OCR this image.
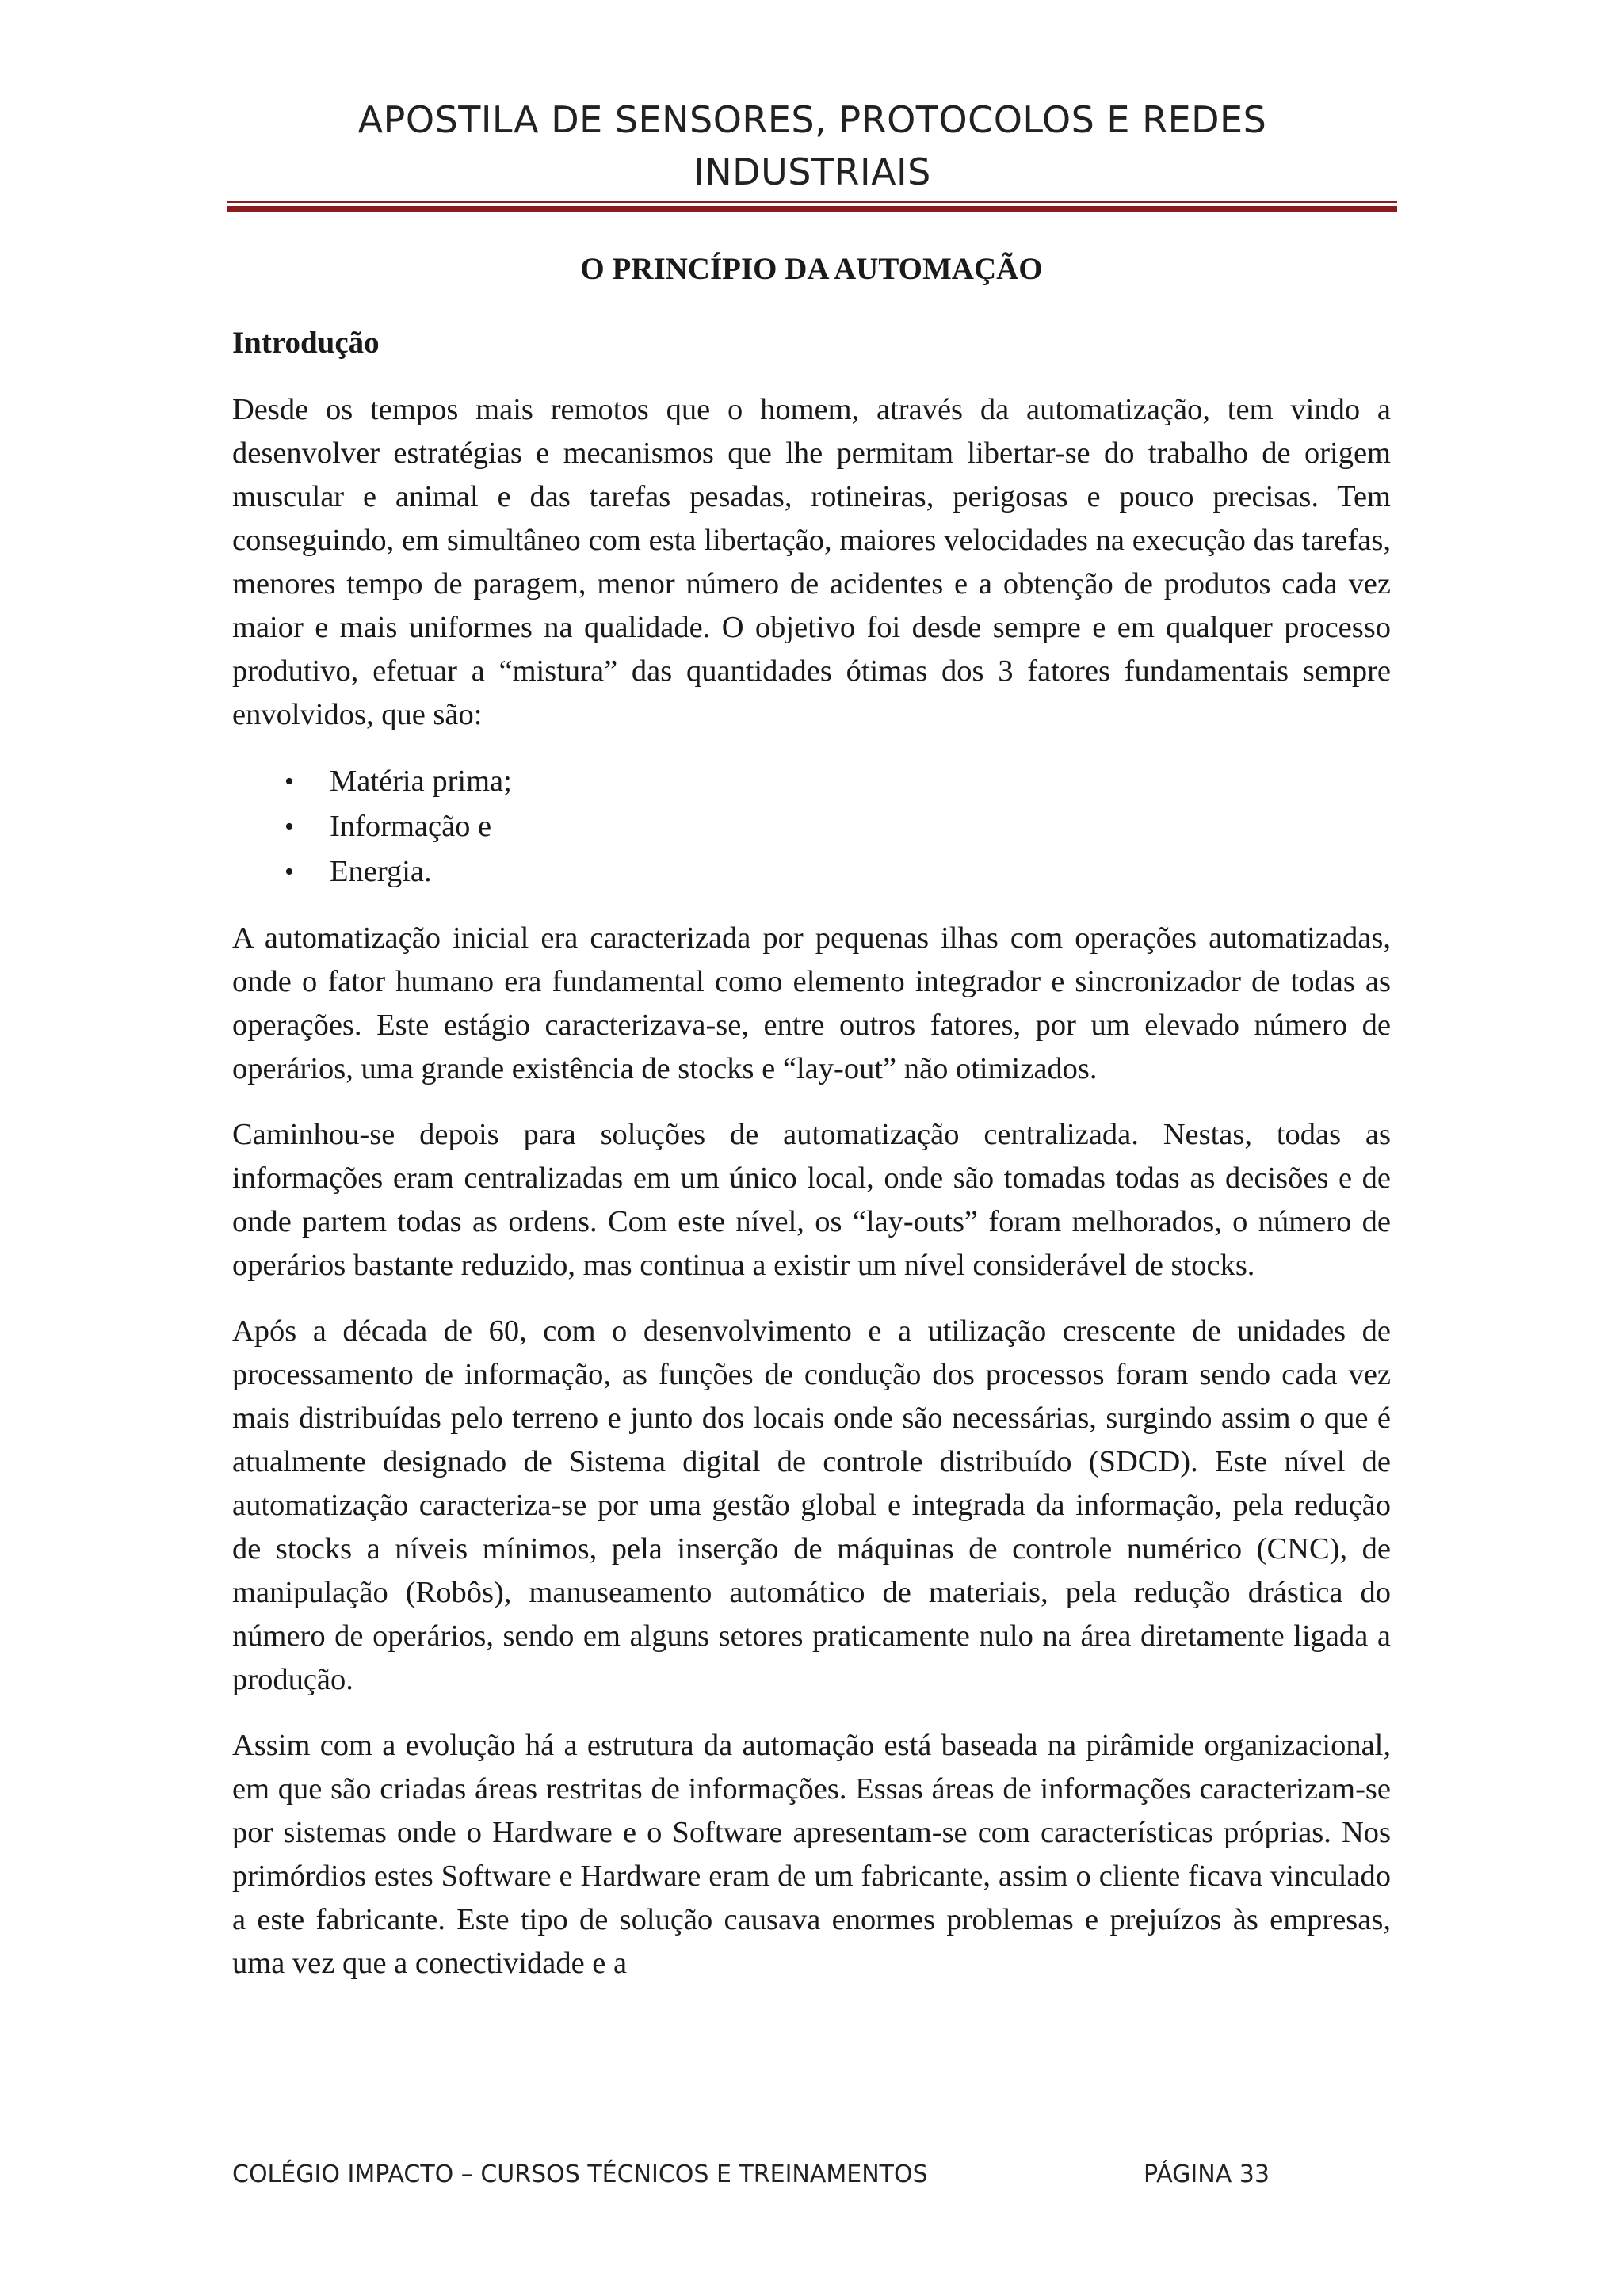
APOSTILA DE SENSORES, PROTOCOLOS E REDES
INDUSTRIAIS
O PRINCÍPIO DA AUTOMAÇÃO
Introdução

Desde os tempos mais remotos que o homem, através da automatização, tem vindo a desenvolver estratégias e mecanismos que lhe permitam libertar-se do trabalho de origem muscular e animal e das tarefas pesadas, rotineiras, perigosas e pouco precisas. Tem conseguindo, em simultâneo com esta libertação, maiores velocidades na execução das tarefas, menores tempo de paragem, menor número de acidentes e a obtenção de produtos cada vez maior e mais uniformes na qualidade. O objetivo foi desde sempre e em qualquer processo produtivo, efetuar a “mistura” das quantidades ótimas dos 3 fatores fundamentais sempre envolvidos, que são:

• Matéria prima;
• Informação e
• Energia.

A automatização inicial era caracterizada por pequenas ilhas com operações automatizadas, onde o fator humano era fundamental como elemento integrador e sincronizador de todas as operações. Este estágio caracterizava-se, entre outros fatores, por um elevado número de operários, uma grande existência de stocks e “lay-out” não otimizados.

Caminhou-se depois para soluções de automatização centralizada. Nestas, todas as informações eram centralizadas em um único local, onde são tomadas todas as decisões e de onde partem todas as ordens. Com este nível, os “lay-outs” foram melhorados, o número de operários bastante reduzido, mas continua a existir um nível considerável de stocks.

Após a década de 60, com o desenvolvimento e a utilização crescente de unidades de processamento de informação, as funções de condução dos processos foram sendo cada vez mais distribuídas pelo terreno e junto dos locais onde são necessárias, surgindo assim o que é atualmente designado de Sistema digital de controle distribuído (SDCD). Este nível de automatização caracteriza-se por uma gestão global e integrada da informação, pela redução de stocks a níveis mínimos, pela inserção de máquinas de controle numérico (CNC), de manipulação (Robôs), manuseamento automático de materiais, pela redução drástica do número de operários, sendo em alguns setores praticamente nulo na área diretamente ligada a produção.

Assim com a evolução há a estrutura da automação está baseada na pirâmide organizacional, em que são criadas áreas restritas de informações. Essas áreas de informações caracterizam-se por sistemas onde o Hardware e o Software apresentam-se com características próprias. Nos primórdios estes Software e Hardware eram de um fabricante, assim o cliente ficava vinculado a este fabricante. Este tipo de solução causava enormes problemas e prejuízos às empresas, uma vez que a conectividade e a

COLÉGIO IMPACTO – CURSOS TÉCNICOS E TREINAMENTOS	PÁGINA 33
